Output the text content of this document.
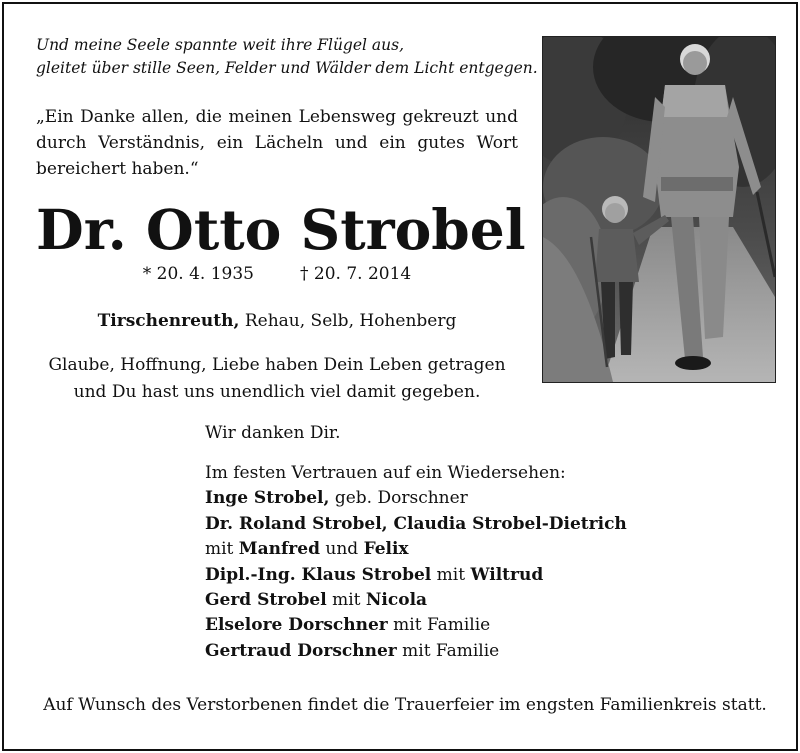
Und meine Seele spannte weit ihre Flügel aus,
gleitet über stille Seen, Felder und Wälder dem Licht entgegen.
„Ein Danke allen, die meinen Lebensweg gekreuzt und durch Verständnis, ein Lächeln und ein gutes Wort bereichert haben.“
Dr. Otto Strobel
* 20. 4. 1935	† 20. 7. 2014
Tirschenreuth, Rehau, Selb, Hohenberg
Glaube, Hoffnung, Liebe haben Dein Leben getragen
und Du hast uns unendlich viel damit gegeben.
Wir danken Dir.
Im festen Vertrauen auf ein Wiedersehen:
Inge Strobel, geb. Dorschner
Dr. Roland Strobel, Claudia Strobel-Dietrich
mit Manfred und Felix
Dipl.-Ing. Klaus Strobel mit Wiltrud
Gerd Strobel mit Nicola
Elselore Dorschner mit Familie
Gertraud Dorschner mit Familie
Auf Wunsch des Verstorbenen findet die Trauerfeier im engsten Familienkreis statt.
